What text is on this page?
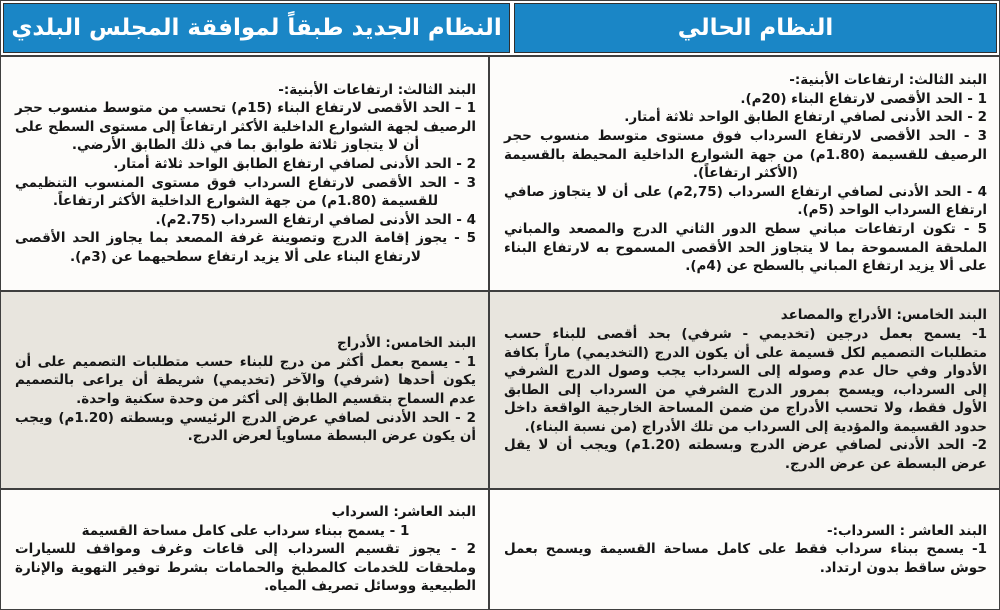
النظام الجديد طبقاً لموافقة المجلس البلدي	النظام الحالي

البند الثالث: ارتفاعات الأبنية:-

1 – الحد الأقصى لارتفاع البناء (15م) تحسب من متوسط منسوب حجر الرصيف لجهة الشوارع الداخلية الأكثر ارتفاعاً إلى مستوى السطح على أن لا يتجاوز ثلاثة طوابق بما في ذلك الطابق الأرضي.

2 - الحد الأدنى لصافي ارتفاع الطابق الواحد ثلاثة أمتار.

3 - الحد الأقصى لارتفاع السرداب فوق مستوى المنسوب التنظيمي للقسيمة (1.80م) من جهة الشوارع الداخلية الأكثر ارتفاعاً.

4 - الحد الأدنى لصافي ارتفاع السرداب (2.75م).

5 - يجوز إقامة الدرج وتصوينة غرفة المصعد بما يجاوز الحد الأقصى لارتفاع البناء على ألا يزيد ارتفاع سطحيهما عن (3م).

البند الثالث: ارتفاعات الأبنية:-

1 - الحد الأقصى لارتفاع البناء (20م).

2 - الحد الأدنى لصافي ارتفاع الطابق الواحد ثلاثة أمتار.

3 - الحد الأقصى لارتفاع السرداب فوق مستوى متوسط منسوب حجر الرصيف للقسيمة (1.80م) من جهة الشوارع الداخلية المحيطة بالقسيمة (الأكثر ارتفاعاً).

4 - الحد الأدنى لصافي ارتفاع السرداب (2,75م) على أن لا يتجاوز صافي ارتفاع السرداب الواحد (5م).

5 - تكون ارتفاعات مباني سطح الدور الثاني الدرج والمصعد والمباني الملحقة المسموحة بما لا يتجاوز الحد الأقصى المسموح به لارتفاع البناء على ألا يزيد ارتفاع المباني بالسطح عن (4م).

البند الخامس: الأدراج

1 - يسمح بعمل أكثر من درج للبناء حسب متطلبات التصميم على أن يكون أحدها (شرفي) والآخر (تخديمي) شريطة أن يراعى بالتصميم عدم السماح بتقسيم الطابق إلى أكثر من وحدة سكنية واحدة.

2 - الحد الأدنى لصافي عرض الدرج الرئيسي وبسطته (1.20م) ويجب أن يكون عرض البسطة مساوياً لعرض الدرج.

البند الخامس: الأدراج والمصاعد

1- يسمح بعمل درجين (تخديمي - شرفي) بحد أقصى للبناء حسب متطلبات التصميم لكل قسيمة على أن يكون الدرج (التخديمي) ماراً بكافة الأدوار وفي حال عدم وصوله إلى السرداب يجب وصول الدرج الشرفي إلى السرداب، ويسمح بمرور الدرج الشرفي من السرداب إلى الطابق الأول فقط، ولا تحسب الأدراج من ضمن المساحة الخارجية الواقعة داخل حدود القسيمة والمؤدية إلى السرداب من تلك الأدراج (من نسبة البناء).

2- الحد الأدنى لصافي عرض الدرج وبسطته (1.20م) ويجب أن لا يقل عرض البسطة عن عرض الدرج.

البند العاشر: السرداب

1 - يسمح ببناء سرداب على كامل مساحة القسيمة

2 - يجوز تقسيم السرداب إلى قاعات وغرف ومواقف للسيارات وملحقات للخدمات كالمطبخ والحمامات بشرط توفير التهوية والإنارة الطبيعية ووسائل تصريف المياه.

البند العاشر : السرداب:-

1- يسمح ببناء سرداب فقط على كامل مساحة القسيمة ويسمح بعمل حوش ساقط بدون ارتداد.
